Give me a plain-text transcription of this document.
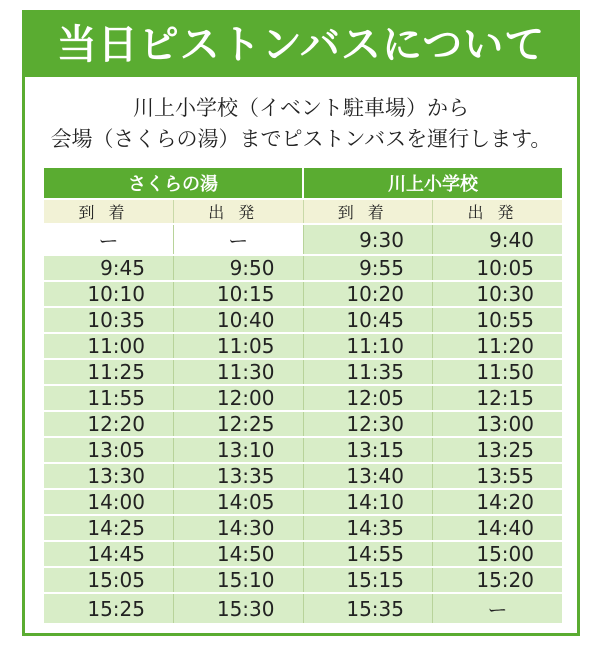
当日ピストンバスについて
川上小学校（イベント駐車場）から
会場（さくらの湯）までピストンバスを運行します。
さくらの湯		川上小学校	
到着	出発	到着	出発
ー	ー	9:30	9:40
9:45	9:50	9:55	10:05
10:10	10:15	10:20	10:30
10:35	10:40	10:45	10:55
11:00	11:05	11:10	11:20
11:25	11:30	11:35	11:50
11:55	12:00	12:05	12:15
12:20	12:25	12:30	13:00
13:05	13:10	13:15	13:25
13:30	13:35	13:40	13:55
14:00	14:05	14:10	14:20
14:25	14:30	14:35	14:40
14:45	14:50	14:55	15:00
15:05	15:10	15:15	15:20
15:25	15:30	15:35	ー
